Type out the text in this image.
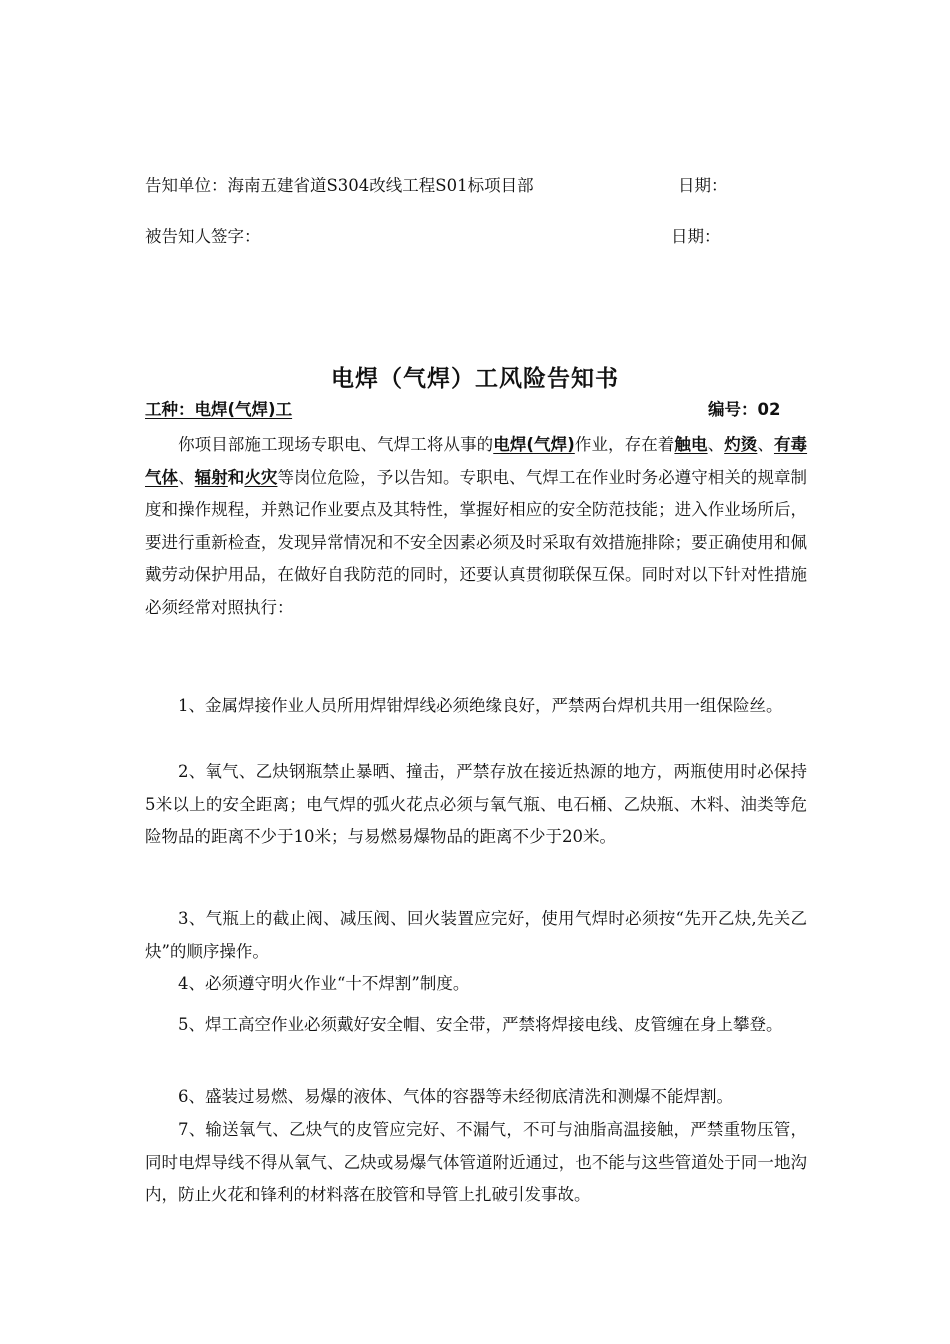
告知单位：海南五建省道S304改线工程S01标项目部	日期：
被告知人签字：	日期：
电焊（气焊）工风险告知书
工种：电焊(气焊)工	编号：02

你项目部施工现场专职电、气焊工将从事的电焊(气焊)作业，存在着触电、灼烫、有毒气体、辐射和火灾等岗位危险，予以告知。专职电、气焊工在作业时务必遵守相关的规章制度和操作规程，并熟记作业要点及其特性，掌握好相应的安全防范技能；进入作业场所后，要进行重新检查，发现异常情况和不安全因素必须及时采取有效措施排除；要正确使用和佩戴劳动保护用品，在做好自我防范的同时，还要认真贯彻联保互保。同时对以下针对性措施必须经常对照执行：

1、金属焊接作业人员所用焊钳焊线必须绝缘良好，严禁两台焊机共用一组保险丝。

2、氧气、乙炔钢瓶禁止暴晒、撞击，严禁存放在接近热源的地方，两瓶使用时必保持5米以上的安全距离；电气焊的弧火花点必须与氧气瓶、电石桶、乙炔瓶、木料、油类等危险物品的距离不少于10米；与易燃易爆物品的距离不少于20米。

3、气瓶上的截止阀、减压阀、回火装置应完好，使用气焊时必须按“先开乙炔,先关乙炔”的顺序操作。

4、必须遵守明火作业“十不焊割”制度。

5、焊工高空作业必须戴好安全帽、安全带，严禁将焊接电线、皮管缠在身上攀登。

6、盛装过易燃、易爆的液体、气体的容器等未经彻底清洗和测爆不能焊割。

7、输送氧气、乙炔气的皮管应完好、不漏气，不可与油脂高温接触，严禁重物压管，同时电焊导线不得从氧气、乙炔或易爆气体管道附近通过，也不能与这些管道处于同一地沟内，防止火花和锋利的材料落在胶管和导管上扎破引发事故。
